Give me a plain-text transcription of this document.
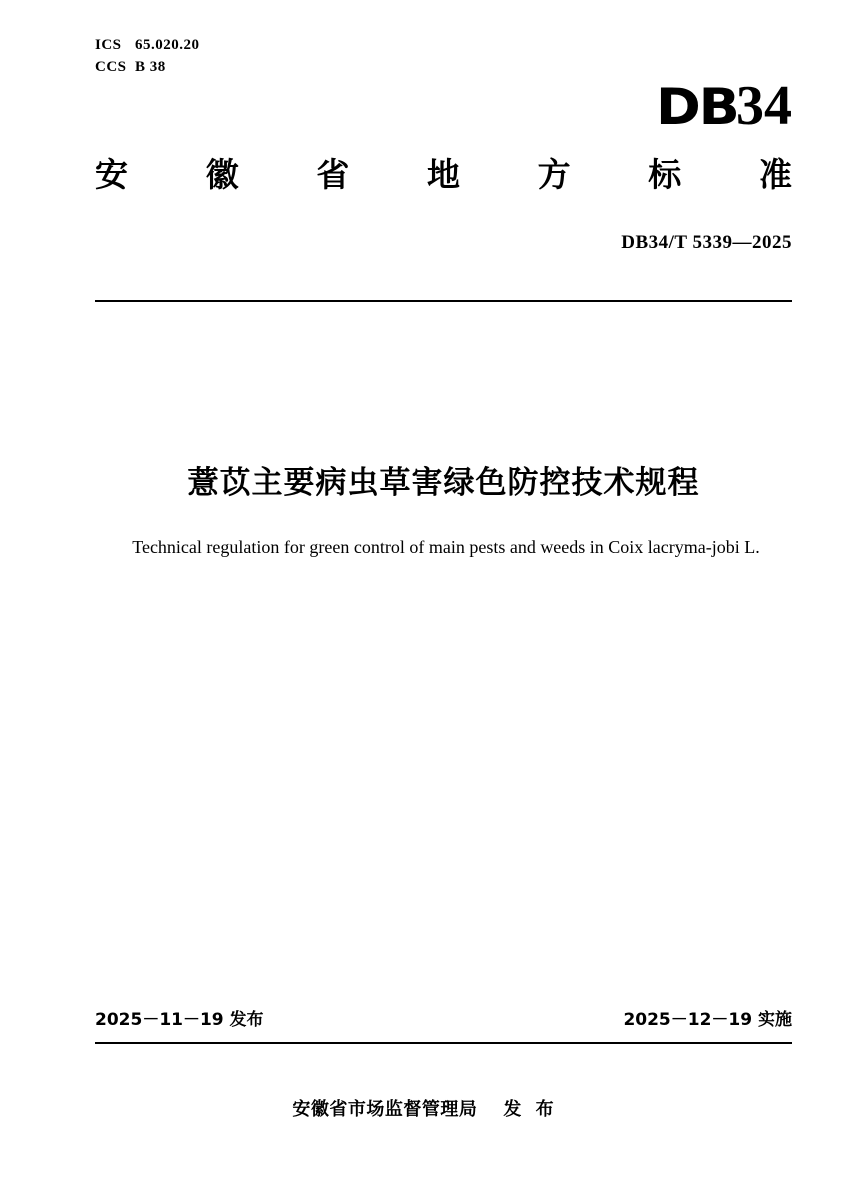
ICS 65.020.20
CCS B 38
DB34
安 徽 省 地 方 标 准
DB34/T 5339—2025
薏苡主要病虫草害绿色防控技术规程
Technical regulation for green control of main pests and weeds in Coix lacryma-jobi L.
2025－11－19 发布	2025－12－19 实施
安徽省市场监督管理局 发 布
